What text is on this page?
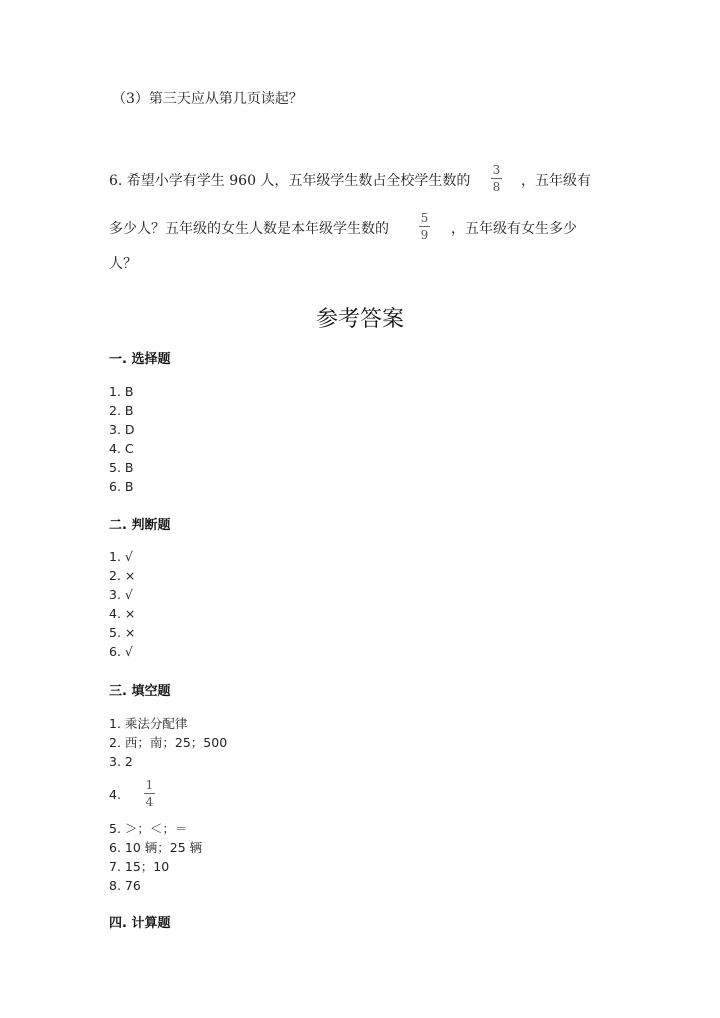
（3）第三天应从第几页读起？
6. 希望小学有学生 960 人，五年级学生数占全校学生数的
3
8 ，五年级有
多少人？五年级的女生人数是本年级学生数的
5
9 ，五年级有女生多少
人？
参考答案
一. 选择题
1. B
2. B
3. D
4. C
5. B
6. B
二. 判断题
1. √
2. ×
3. √
4. ×
5. ×
6. √
三. 填空题
1. 乘法分配律
2. 西；南；25；500
3. 2
4.
1
4
5. ＞；＜；＝
6. 10 辆；25 辆
7. 15；10
8. 76
四. 计算题
